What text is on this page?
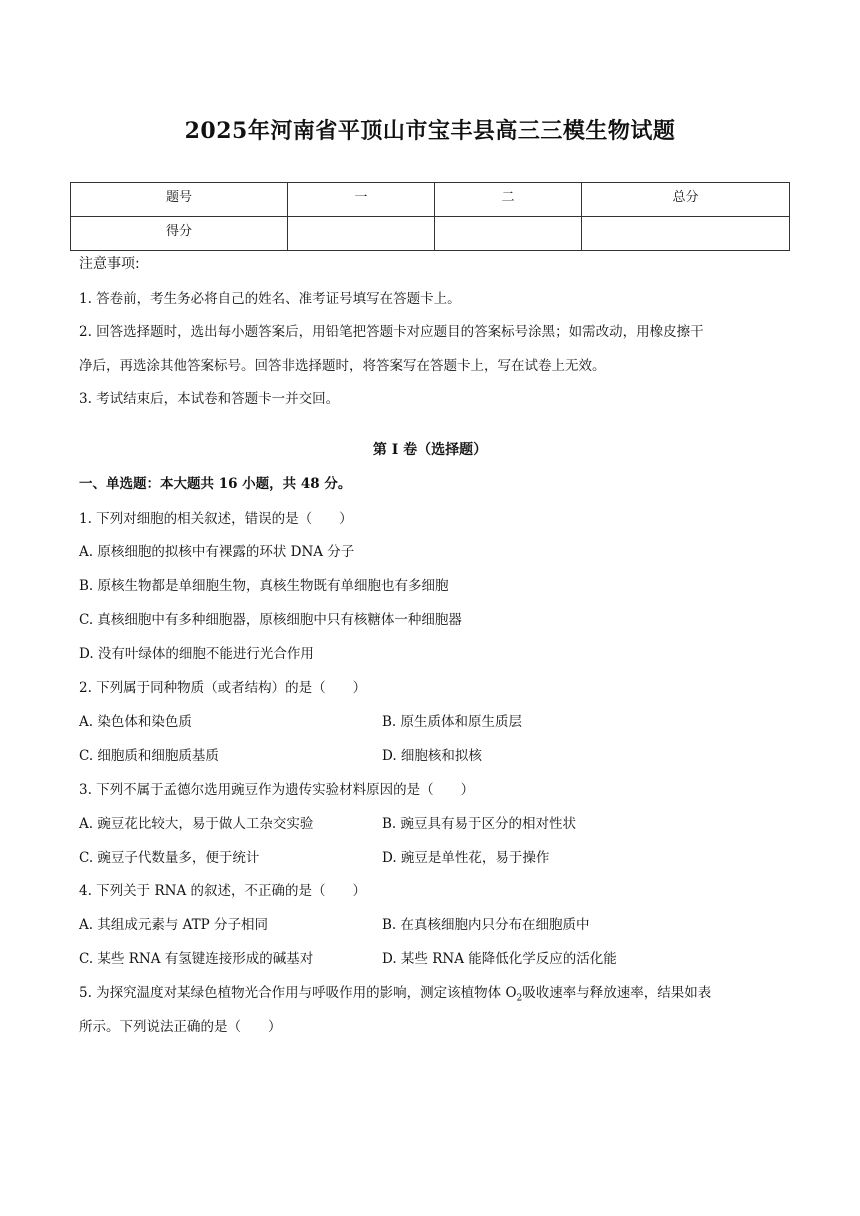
2025年河南省平顶山市宝丰县高三三模生物试题
题号	一	二	总分
得分			
注意事项:
1. 答卷前，考生务必将自己的姓名、准考证号填写在答题卡上。
2. 回答选择题时，选出每小题答案后，用铅笔把答题卡对应题目的答案标号涂黑；如需改动，用橡皮擦干
净后，再选涂其他答案标号。回答非选择题时，将答案写在答题卡上，写在试卷上无效。
3. 考试结束后，本试卷和答题卡一并交回。
第 I 卷（选择题）
一、单选题：本大题共 16 小题，共 48 分。
1. 下列对细胞的相关叙述，错误的是（　　）
A. 原核细胞的拟核中有裸露的环状 DNA 分子
B. 原核生物都是单细胞生物，真核生物既有单细胞也有多细胞
C. 真核细胞中有多种细胞器，原核细胞中只有核糖体一种细胞器
D. 没有叶绿体的细胞不能进行光合作用
2. 下列属于同种物质（或者结构）的是（　　）
A. 染色体和染色质	B. 原生质体和原生质层
C. 细胞质和细胞质基质	D. 细胞核和拟核
3. 下列不属于孟德尔选用豌豆作为遗传实验材料原因的是（　　）
A. 豌豆花比较大，易于做人工杂交实验	B. 豌豆具有易于区分的相对性状
C. 豌豆子代数量多，便于统计	D. 豌豆是单性花，易于操作
4. 下列关于 RNA 的叙述，不正确的是（　　）
A. 其组成元素与 ATP 分子相同	B. 在真核细胞内只分布在细胞质中
C. 某些 RNA 有氢键连接形成的碱基对	D. 某些 RNA 能降低化学反应的活化能
5. 为探究温度对某绿色植物光合作用与呼吸作用的影响，测定该植物体 $O_2$吸收速率与释放速率，结果如表
所示。下列说法正确的是（　　）
